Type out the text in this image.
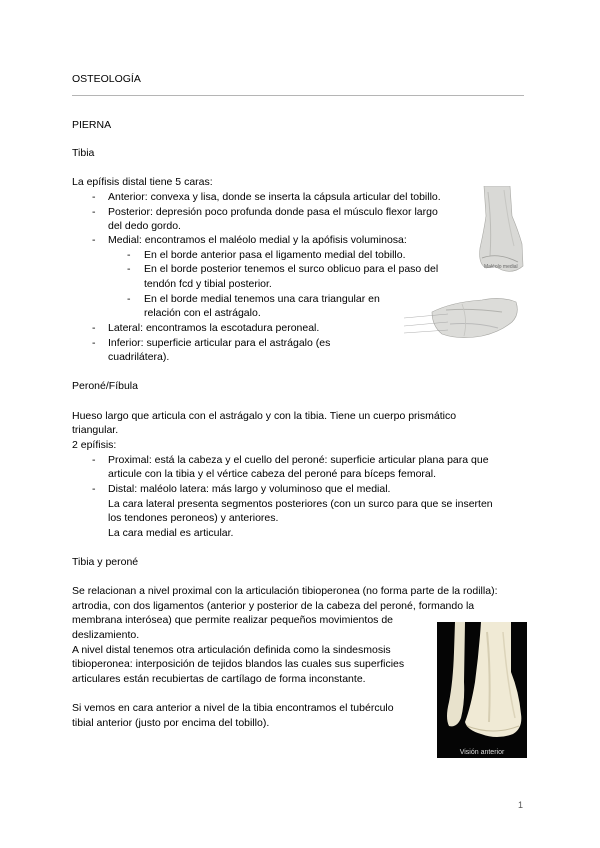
OSTEOLOGÍA
PIERNA
Tibia
La epífisis distal tiene 5 caras:
- Anterior: convexa y lisa, donde se inserta la cápsula articular del tobillo.
- Posterior: depresión poco profunda donde pasa el músculo flexor largo
del dedo gordo.
- Medial: encontramos el maléolo medial y la apófisis voluminosa:
- En el borde anterior pasa el ligamento medial del tobillo.
- En el borde posterior tenemos el surco oblicuo para el paso del
tendón fcd y tibial posterior.
- En el borde medial tenemos una cara triangular en
relación con el astrágalo.
- Lateral: encontramos la escotadura peroneal.
- Inferior: superficie articular para el astrágalo (es
cuadrilátera).
Maléolo medial
Peroné/Fíbula
Hueso largo que articula con el astrágalo y con la tibia. Tiene un cuerpo prismático
triangular.
2 epífisis:
- Proximal: está la cabeza y el cuello del peroné: superficie articular plana para que
articule con la tibia y el vértice cabeza del peroné para bíceps femoral.
- Distal: maléolo latera: más largo y voluminoso que el medial.
La cara lateral presenta segmentos posteriores (con un surco para que se inserten
los tendones peroneos) y anteriores.
La cara medial es articular.
Tibia y peroné
Se relacionan a nivel proximal con la articulación tibioperonea (no forma parte de la rodilla):
artrodia, con dos ligamentos (anterior y posterior de la cabeza del peroné, formando la
membrana interósea) que permite realizar pequeños movimientos de
deslizamiento.
A nivel distal tenemos otra articulación definida como la sindesmosis
tibioperonea: interposición de tejidos blandos las cuales sus superficies
articulares están recubiertas de cartílago de forma inconstante.
Si vemos en cara anterior a nivel de la tibia encontramos el tubérculo
tibial anterior (justo por encima del tobillo).
Visión anterior
1
